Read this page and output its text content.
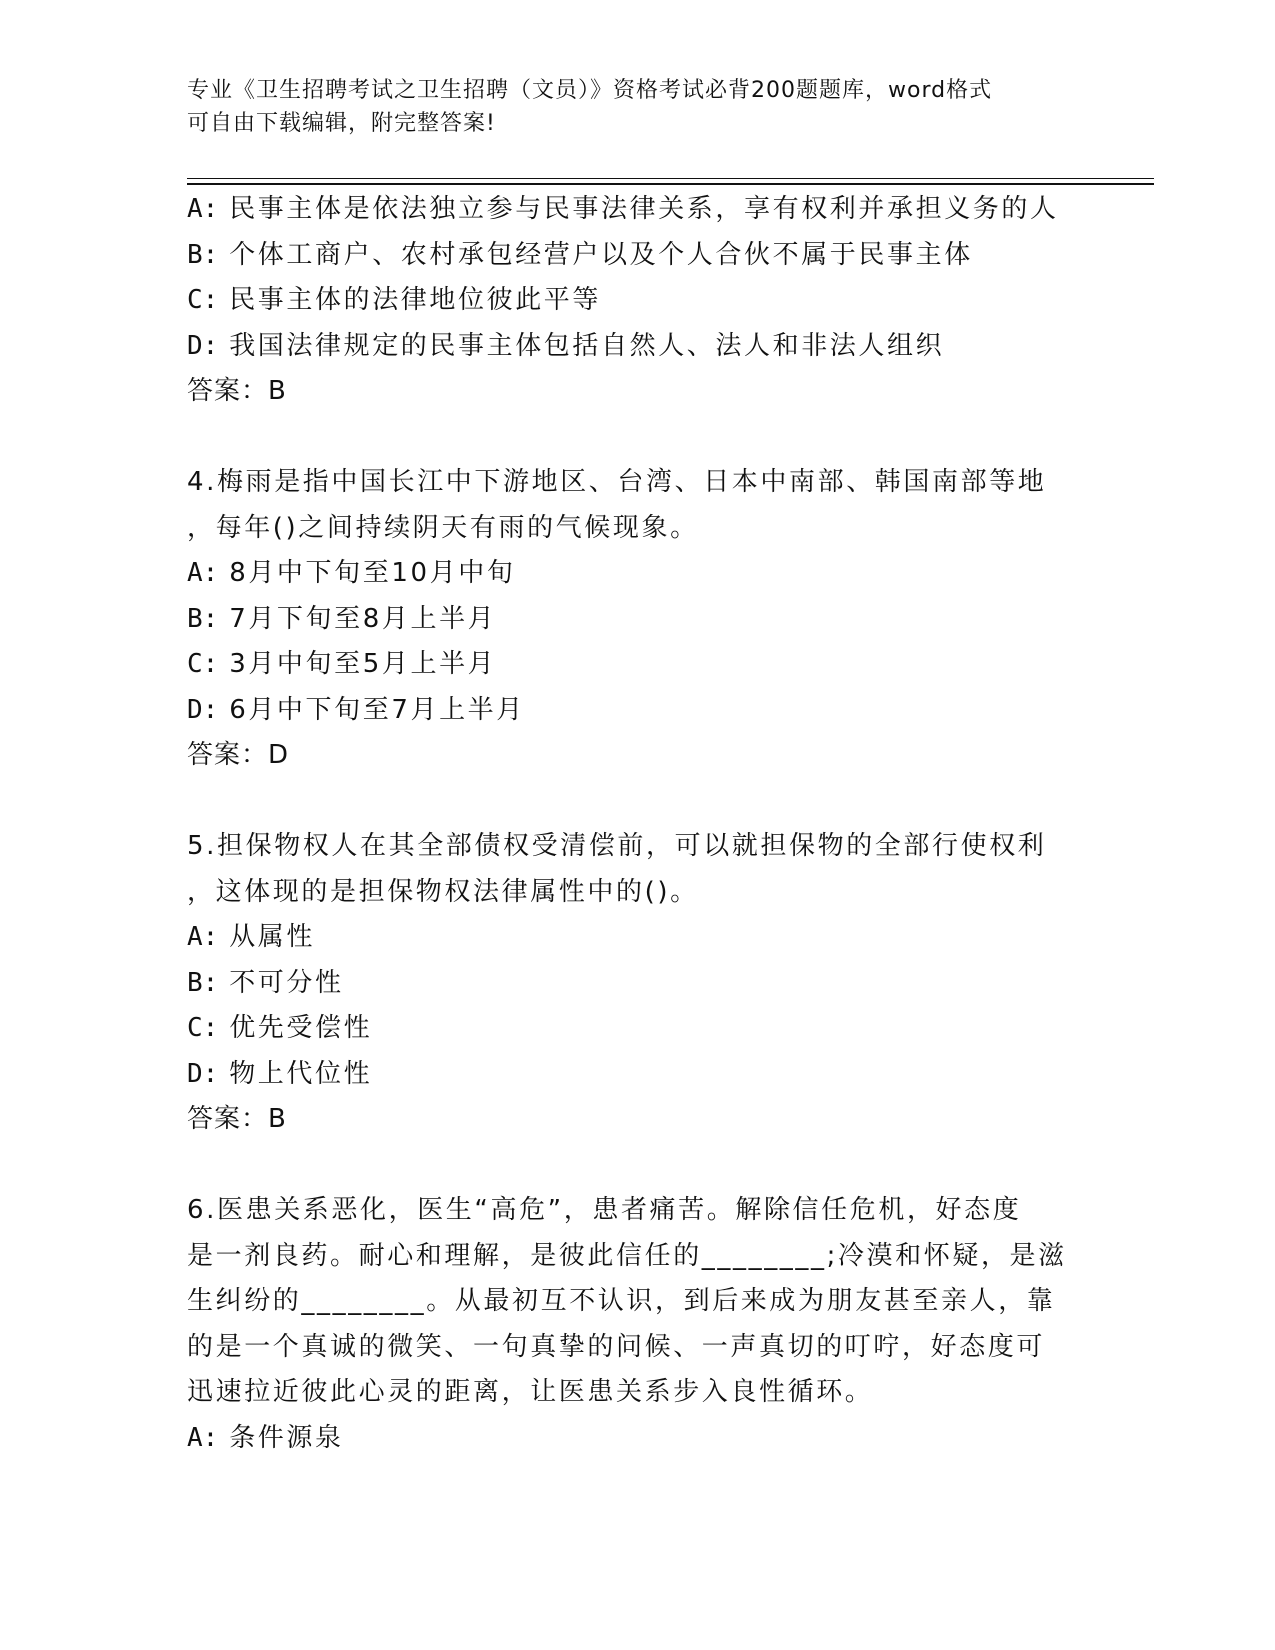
专业《卫生招聘考试之卫生招聘（文员）》资格考试必背200题题库，word格式
可自由下载编辑，附完整答案!
A: 民事主体是依法独立参与民事法律关系，享有权利并承担义务的人
B: 个体工商户、农村承包经营户以及个人合伙不属于民事主体
C: 民事主体的法律地位彼此平等
D: 我国法律规定的民事主体包括自然人、法人和非法人组织
答案：B
4.梅雨是指中国长江中下游地区、台湾、日本中南部、韩国南部等地
，每年()之间持续阴天有雨的气候现象。
A: 8月中下旬至10月中旬
B: 7月下旬至8月上半月
C: 3月中旬至5月上半月
D: 6月中下旬至7月上半月
答案：D
5.担保物权人在其全部债权受清偿前，可以就担保物的全部行使权利
，这体现的是担保物权法律属性中的()。
A: 从属性
B: 不可分性
C: 优先受偿性
D: 物上代位性
答案：B
6.医患关系恶化，医生“高危”，患者痛苦。解除信任危机，好态度
是一剂良药。耐心和理解，是彼此信任的________;冷漠和怀疑，是滋
生纠纷的________。从最初互不认识，到后来成为朋友甚至亲人，靠
的是一个真诚的微笑、一句真挚的问候、一声真切的叮咛，好态度可
迅速拉近彼此心灵的距离，让医患关系步入良性循环。
A: 条件源泉
